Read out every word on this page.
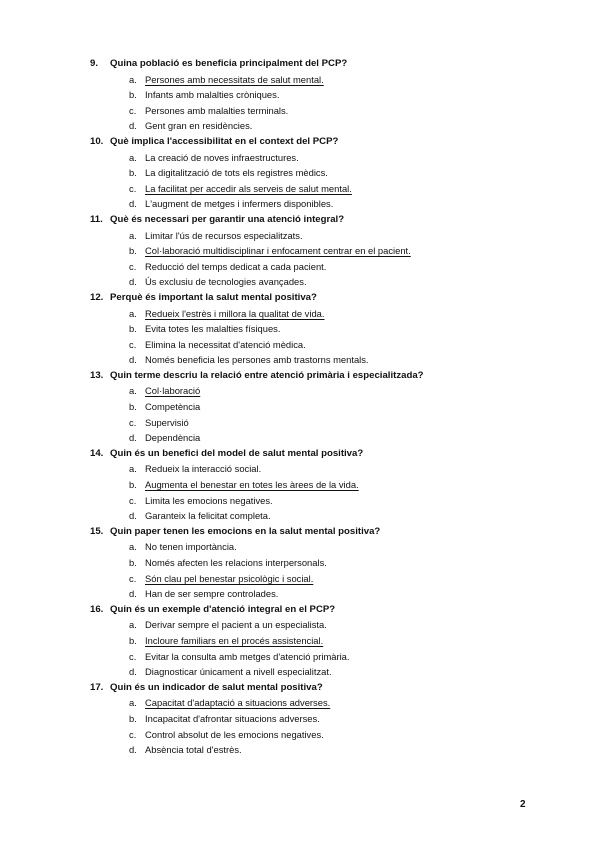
9. Quina població es beneficia principalment del PCP?
a. Persones amb necessitats de salut mental.
b. Infants amb malalties cròniques.
c. Persones amb malalties terminals.
d. Gent gran en residències.
10. Què implica l'accessibilitat en el context del PCP?
a. La creació de noves infraestructures.
b. La digitalització de tots els registres mèdics.
c. La facilitat per accedir als serveis de salut mental.
d. L'augment de metges i infermers disponibles.
11. Què és necessari per garantir una atenció integral?
a. Limitar l'ús de recursos especialitzats.
b. Col·laboració multidisciplinar i enfocament centrar en el pacient.
c. Reducció del temps dedicat a cada pacient.
d. Ús exclusiu de tecnologies avançades.
12. Perquè és important la salut mental positiva?
a. Redueix l'estrès i millora la qualitat de vida.
b. Evita totes les malalties físiques.
c. Elimina la necessitat d'atenció mèdica.
d. Només beneficia les persones amb trastorns mentals.
13. Quin terme descriu la relació entre atenció primària i especialitzada?
a. Col·laboració
b. Competència
c. Supervisió
d. Dependència
14. Quin és un benefici del model de salut mental positiva?
a. Redueix la interacció social.
b. Augmenta el benestar en totes les àrees de la vida.
c. Limita les emocions negatives.
d. Garanteix la felicitat completa.
15. Quin paper tenen les emocions en la salut mental positiva?
a. No tenen importància.
b. Només afecten les relacions interpersonals.
c. Són clau pel benestar psicològic i social.
d. Han de ser sempre controlades.
16. Quin és un exemple d'atenció integral en el PCP?
a. Derivar sempre el pacient a un especialista.
b. Incloure familiars en el procés assistencial.
c. Evitar la consulta amb metges d'atenció primària.
d. Diagnosticar únicament a nivell especialitzat.
17. Quin és un indicador de salut mental positiva?
a. Capacitat d'adaptació a situacions adverses.
b. Incapacitat d'afrontar situacions adverses.
c. Control absolut de les emocions negatives.
d. Absència total d'estrès.
2
